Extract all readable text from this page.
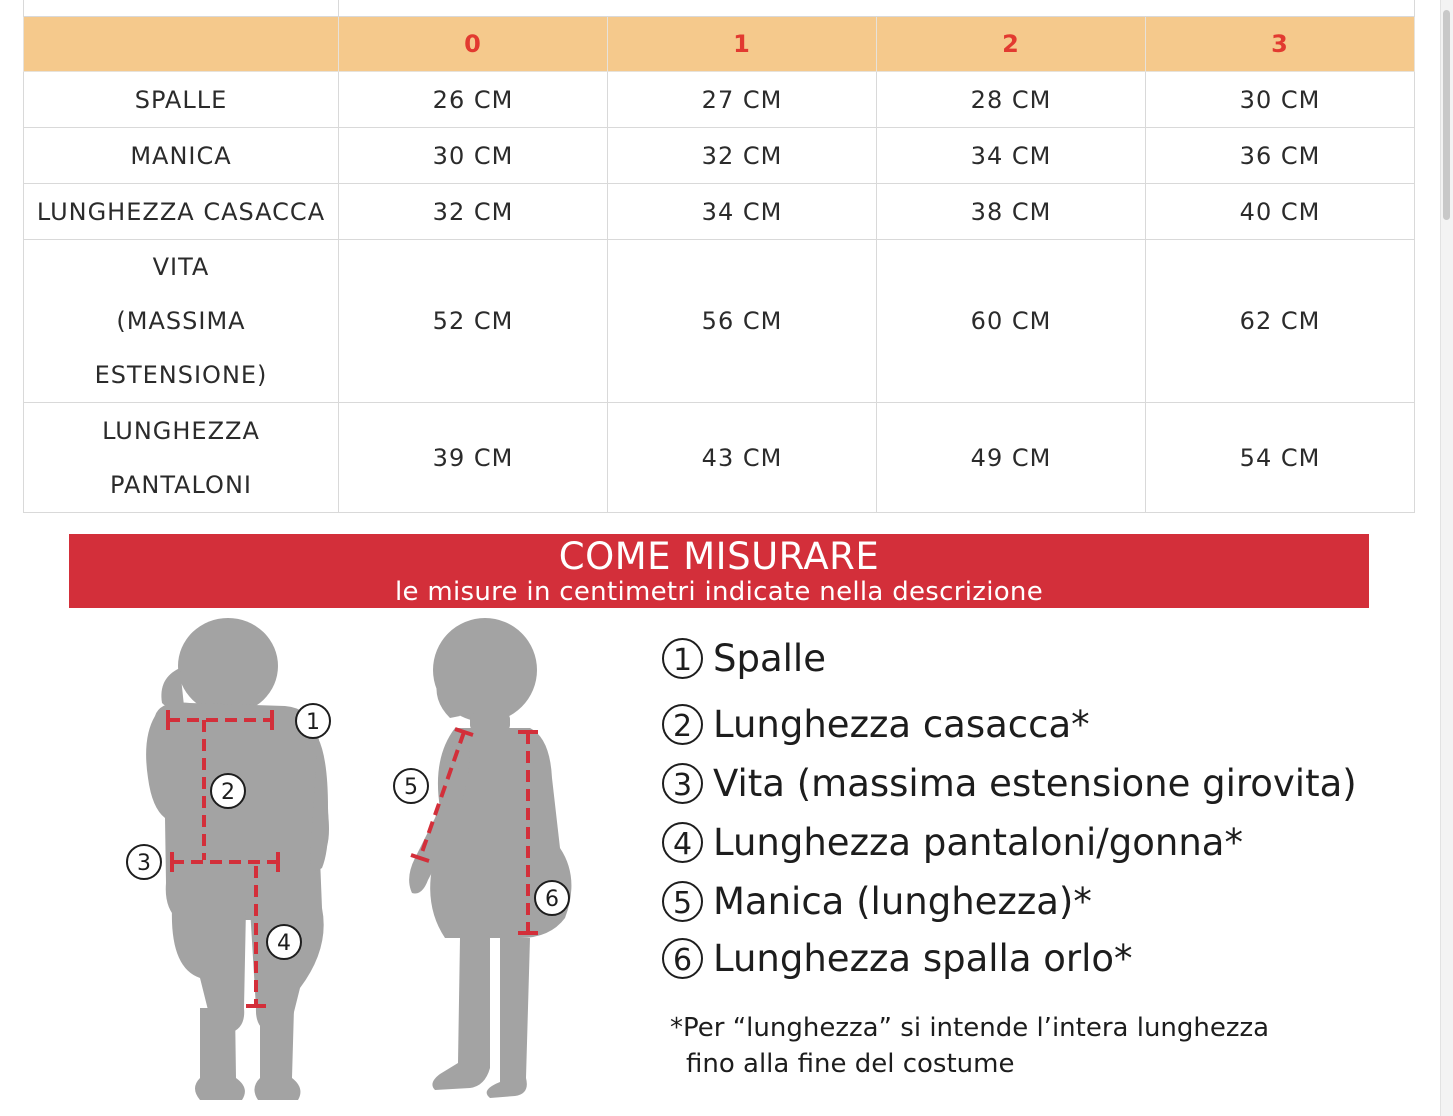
	0	1	2	3
SPALLE	26 CM	27 CM	28 CM	30 CM
MANICA	30 CM	32 CM	34 CM	36 CM
LUNGHEZZA CASACCA	32 CM	34 CM	38 CM	40 CM
VITA (MASSIMA ESTENSIONE)	52 CM	56 CM	60 CM	62 CM
LUNGHEZZA PANTALONI	39 CM	43 CM	49 CM	54 CM
COME MISURARE
le misure in centimetri indicate nella descrizione
1
2
3
4
5
6
1 Spalle
2 Lunghezza casacca*
3 Vita (massima estensione girovita)
4 Lunghezza pantaloni/gonna*
5 Manica (lunghezza)*
6 Lunghezza spalla orlo*
*Per “lunghezza” si intende l’intera lunghezza
fino alla fine del costume
